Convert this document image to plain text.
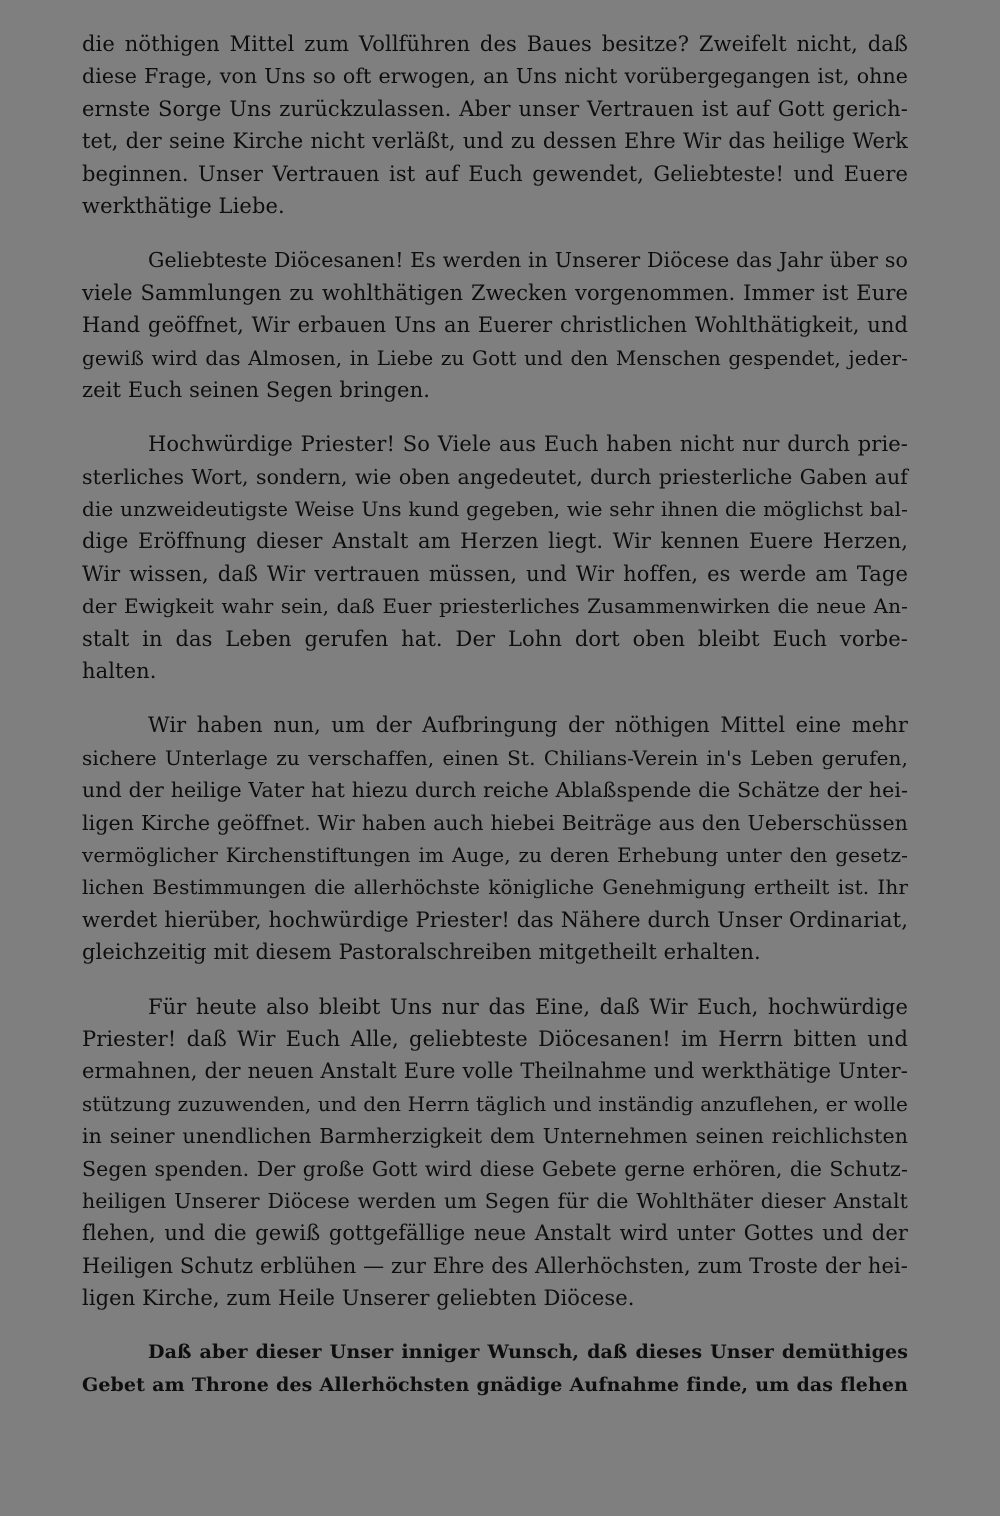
die nöthigen Mittel zum Vollführen des Baues besitze? Zweifelt nicht, daß
diese Frage, von Uns so oft erwogen, an Uns nicht vorübergegangen ist, ohne
ernste Sorge Uns zurückzulassen. Aber unser Vertrauen ist auf Gott gerich-
tet, der seine Kirche nicht verläßt, und zu dessen Ehre Wir das heilige Werk
beginnen. Unser Vertrauen ist auf Euch gewendet, Geliebteste! und Euere
werkthätige Liebe.
Geliebteste Diöcesanen! Es werden in Unserer Diöcese das Jahr über so
viele Sammlungen zu wohlthätigen Zwecken vorgenommen. Immer ist Eure
Hand geöffnet, Wir erbauen Uns an Euerer christlichen Wohlthätigkeit, und
gewiß wird das Almosen, in Liebe zu Gott und den Menschen gespendet, jeder-
zeit Euch seinen Segen bringen.
Hochwürdige Priester! So Viele aus Euch haben nicht nur durch prie-
sterliches Wort, sondern, wie oben angedeutet, durch priesterliche Gaben auf
die unzweideutigste Weise Uns kund gegeben, wie sehr ihnen die möglichst bal-
dige Eröffnung dieser Anstalt am Herzen liegt. Wir kennen Euere Herzen,
Wir wissen, daß Wir vertrauen müssen, und Wir hoffen, es werde am Tage
der Ewigkeit wahr sein, daß Euer priesterliches Zusammenwirken die neue An-
stalt in das Leben gerufen hat. Der Lohn dort oben bleibt Euch vorbe-
halten.
Wir haben nun, um der Aufbringung der nöthigen Mittel eine mehr
sichere Unterlage zu verschaffen, einen St. Chilians-Verein in's Leben gerufen,
und der heilige Vater hat hiezu durch reiche Ablaßspende die Schätze der hei-
ligen Kirche geöffnet. Wir haben auch hiebei Beiträge aus den Ueberschüssen
vermöglicher Kirchenstiftungen im Auge, zu deren Erhebung unter den gesetz-
lichen Bestimmungen die allerhöchste königliche Genehmigung ertheilt ist. Ihr
werdet hierüber, hochwürdige Priester! das Nähere durch Unser Ordinariat,
gleichzeitig mit diesem Pastoralschreiben mitgetheilt erhalten.
Für heute also bleibt Uns nur das Eine, daß Wir Euch, hochwürdige
Priester! daß Wir Euch Alle, geliebteste Diöcesanen! im Herrn bitten und
ermahnen, der neuen Anstalt Eure volle Theilnahme und werkthätige Unter-
stützung zuzuwenden, und den Herrn täglich und inständig anzuflehen, er wolle
in seiner unendlichen Barmherzigkeit dem Unternehmen seinen reichlichsten
Segen spenden. Der große Gott wird diese Gebete gerne erhören, die Schutz-
heiligen Unserer Diöcese werden um Segen für die Wohlthäter dieser Anstalt
flehen, und die gewiß gottgefällige neue Anstalt wird unter Gottes und der
Heiligen Schutz erblühen — zur Ehre des Allerhöchsten, zum Troste der hei-
ligen Kirche, zum Heile Unserer geliebten Diöcese.
Daß aber dieser Unser inniger Wunsch, daß dieses Unser demüthiges
Gebet am Throne des Allerhöchsten gnädige Aufnahme finde, um das flehen
